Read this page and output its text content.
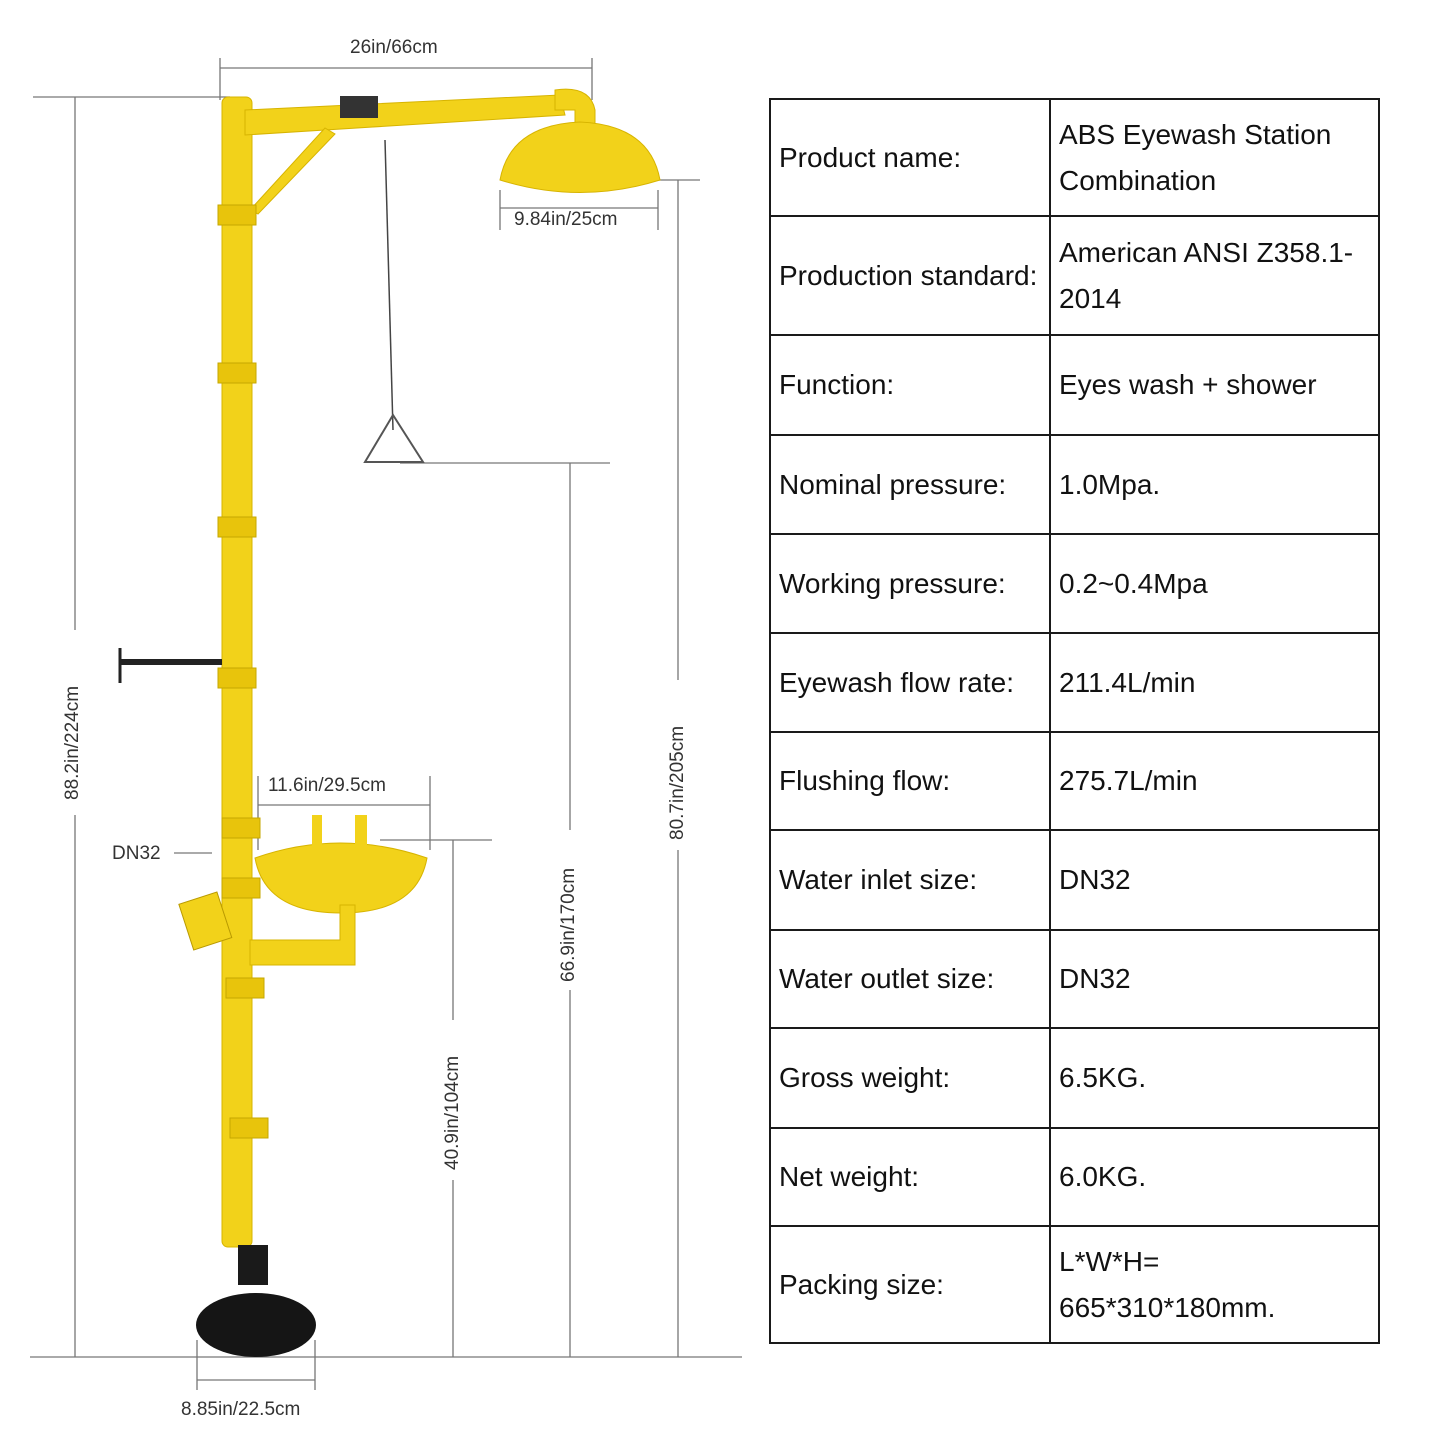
26in/66cm
9.84in/25cm
88.2in/224cm	80.7in/205cm
66.9in/170cm
40.9in/104cm
11.6in/29.5cm
DN32
8.85in/22.5cm
Product name:	ABS Eyewash Station Combination
Production standard:	American ANSI Z358.1-2014
Function:	Eyes wash + shower
Nominal pressure:	1.0Mpa.
Working pressure:	0.2~0.4Mpa
Eyewash flow rate:	211.4L/min
Flushing flow:	275.7L/min
Water inlet size:	DN32
Water outlet size:	DN32
Gross weight:	6.5KG.
Net weight:	6.0KG.
Packing size:	L*W*H= 665*310*180mm.
